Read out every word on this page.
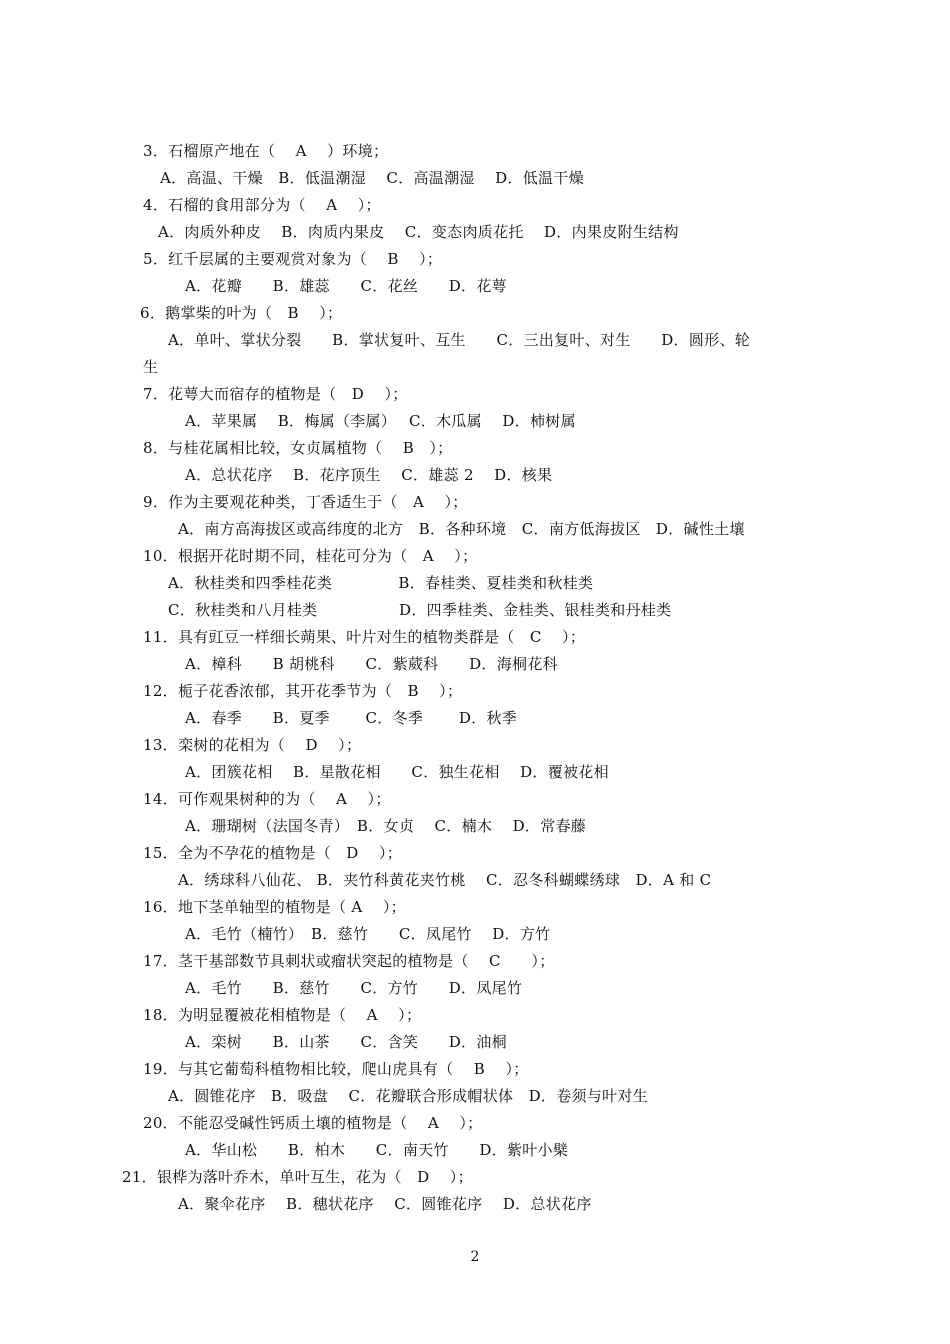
3．石榴原产地在（　 A　 ）环境；
A．高温、干燥　B．低温潮湿　 C．高温潮湿　 D．低温干燥
4．石榴的食用部分为（　 A　 ）；
A．肉质外种皮　 B．肉质内果皮　 C．变态肉质花托　 D．内果皮附生结构
5．红千层属的主要观赏对象为（　 B　 ）；
A．花瓣　　B．雄蕊　　C．花丝　　D．花萼
6．鹅掌柴的叶为（　B　 ）；
A．单叶、掌状分裂　　B．掌状复叶、互生　　C．三出复叶、对生　　D．圆形、轮
生
7．花萼大而宿存的植物是（　D　 ）；
A．苹果属　 B．梅属（李属）　 C．木瓜属　 D．柿树属
8．与桂花属相比较，女贞属植物（　 B　）；
A．总状花序　 B．花序顶生　 C．雄蕊 2　 D．核果
9．作为主要观花种类，丁香适生于（　A　 ）；
A．南方高海拔区或高纬度的北方　B．各种环境　C．南方低海拔区　D．碱性土壤
10．根据开花时期不同，桂花可分为（　A　 ）；
A．秋桂类和四季桂花类　　　　 B．春桂类、夏桂类和秋桂类
C．秋桂类和八月桂类　　　　　 D．四季桂类、金桂类、银桂类和丹桂类
11．具有豇豆一样细长蒴果、叶片对生的植物类群是（　C　 ）；
A．樟科　　B 胡桃科　　C．紫葳科　　D．海桐花科
12．栀子花香浓郁，其开花季节为（　B　 ）；
A．春季　　B．夏季　　 C．冬季　　 D．秋季
13．栾树的花相为（　 D　 ）；
A．团簇花相　 B．星散花相　　C．独生花相　 D．覆被花相
14．可作观果树种的为（　 A　 ）；
A．珊瑚树（法国冬青）　B．女贞　 C．楠木　 D．常春藤
15．全为不孕花的植物是（　D　 ）；
A．绣球科八仙花、 B．夹竹科黄花夹竹桃　 C．忍冬科蝴蝶绣球　D．A 和 C
16．地下茎单轴型的植物是（ A　 ）；
A．毛竹（楠竹）　B．慈竹　　C．凤尾竹　 D．方竹
17．茎干基部数节具刺状或瘤状突起的植物是（　 C　　）；
A．毛竹　　B．慈竹　　C．方竹　　D．凤尾竹
18．为明显覆被花相植物是（　 A　 ）；
A．栾树　　B．山茶　　C．含笑　　D．油桐
19．与其它葡萄科植物相比较，爬山虎具有（　 B　 ）；
A．圆锥花序　B．吸盘　 C．花瓣联合形成帽状体　D．卷须与叶对生
20．不能忍受碱性钙质土壤的植物是（　 A　 ）；
A．华山松　　B．柏木　　C．南天竹　　D．紫叶小檗
21．银桦为落叶乔木，单叶互生，花为（　D　 ）；
A．聚伞花序　 B．穗状花序　 C．圆锥花序　 D．总状花序
2
